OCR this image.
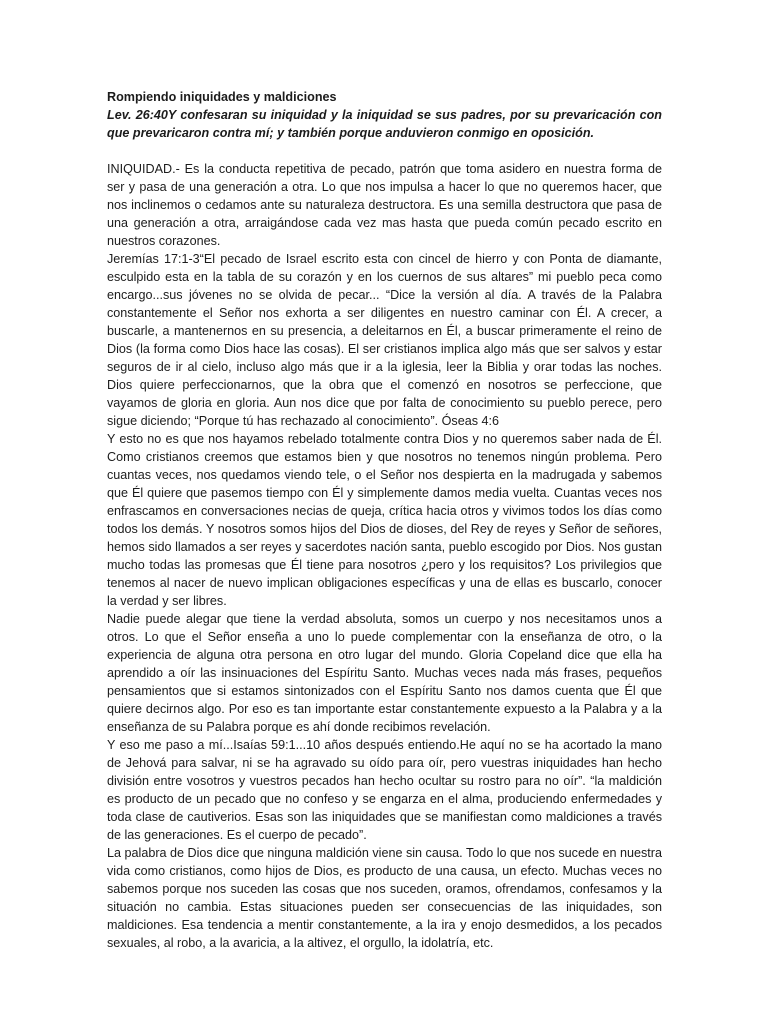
Rompiendo iniquidades y maldiciones

Lev. 26:40Y confesaran su iniquidad y la iniquidad se sus padres, por su prevaricación con que prevaricaron contra mí; y también porque anduvieron conmigo en oposición.

INIQUIDAD.- Es la conducta repetitiva de pecado, patrón que toma asidero en nuestra forma de ser y pasa de una generación a otra. Lo que nos impulsa a hacer lo que no queremos hacer, que nos inclinemos o cedamos ante su naturaleza destructora. Es una semilla destructora que pasa de una generación a otra, arraigándose cada vez mas hasta que pueda común pecado escrito en nuestros corazones.

Jeremías 17:1-3“El pecado de Israel escrito esta con cincel de hierro y con Ponta de diamante, esculpido esta en la tabla de su corazón y en los cuernos de sus altares” mi pueblo peca como encargo...sus jóvenes no se olvida de pecar... “Dice la versión al día. A través de la Palabra constantemente el Señor nos exhorta a ser diligentes en nuestro caminar con Él. A crecer, a buscarle, a mantenernos en su presencia, a deleitarnos en Él, a buscar primeramente el reino de Dios (la forma como Dios hace las cosas). El ser cristianos implica algo más que ser salvos y estar seguros de ir al cielo, incluso algo más que ir a la iglesia, leer la Biblia y orar todas las noches. Dios quiere perfeccionarnos, que la obra que el comenzó en nosotros se perfeccione, que vayamos de gloria en gloria. Aun nos dice que por falta de conocimiento su pueblo perece, pero sigue diciendo; “Porque tú has rechazado al conocimiento”. Óseas 4:6

Y esto no es que nos hayamos rebelado totalmente contra Dios y no queremos saber nada de Él. Como cristianos creemos que estamos bien y que nosotros no tenemos ningún problema. Pero cuantas veces, nos quedamos viendo tele, o el Señor nos despierta en la madrugada y sabemos que Él quiere que pasemos tiempo con Él y simplemente damos media vuelta. Cuantas veces nos enfrascamos en conversaciones necias de queja, crítica hacia otros y vivimos todos los días como todos los demás. Y nosotros somos hijos del Dios de dioses, del Rey de reyes y Señor de señores, hemos sido llamados a ser reyes y sacerdotes nación santa, pueblo escogido por Dios. Nos gustan mucho todas las promesas que Él tiene para nosotros ¿pero y los requisitos? Los privilegios que tenemos al nacer de nuevo implican obligaciones específicas y una de ellas es buscarlo, conocer la verdad y ser libres.

Nadie puede alegar que tiene la verdad absoluta, somos un cuerpo y nos necesitamos unos a otros. Lo que el Señor enseña a uno lo puede complementar con la enseñanza de otro, o la experiencia de alguna otra persona en otro lugar del mundo. Gloria Copeland dice que ella ha aprendido a oír las insinuaciones del Espíritu Santo. Muchas veces nada más frases, pequeños pensamientos que si estamos sintonizados con el Espíritu Santo nos damos cuenta que Él que quiere decirnos algo. Por eso es tan importante estar constantemente expuesto a la Palabra y a la enseñanza de su Palabra porque es ahí donde recibimos revelación.

Y eso me paso a mí...Isaías 59:1...10 años después entiendo.He aquí no se ha acortado la mano de Jehová para salvar, ni se ha agravado su oído para oír, pero vuestras iniquidades han hecho división entre vosotros y vuestros pecados han hecho ocultar su rostro para no oír”. “la maldición es producto de un pecado que no confeso y se engarza en el alma, produciendo enfermedades y toda clase de cautiverios. Esas son las iniquidades que se manifiestan como maldiciones a través de las generaciones. Es el cuerpo de pecado”.

La palabra de Dios dice que ninguna maldición viene sin causa. Todo lo que nos sucede en nuestra vida como cristianos, como hijos de Dios, es producto de una causa, un efecto. Muchas veces no sabemos porque nos suceden las cosas que nos suceden, oramos, ofrendamos, confesamos y la situación no cambia. Estas situaciones pueden ser consecuencias de las iniquidades, son maldiciones. Esa tendencia a mentir constantemente, a la ira y enojo desmedidos, a los pecados sexuales, al robo, a la avaricia, a la altivez, el orgullo, la idolatría, etc.
